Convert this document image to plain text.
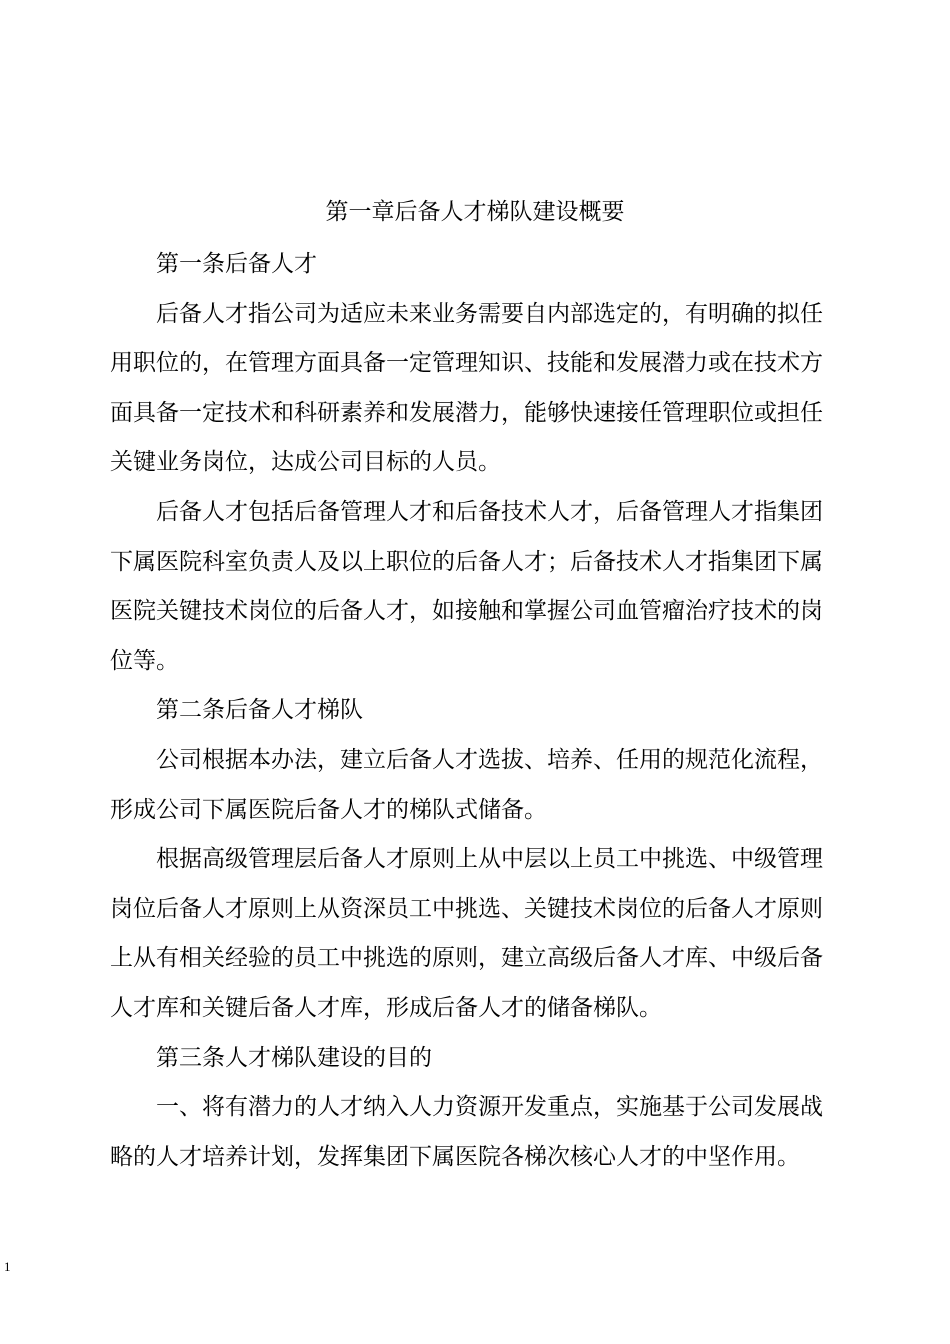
第一章后备人才梯队建设概要

第一条后备人才

后备人才指公司为适应未来业务需要自内部选定的，有明确的拟任
用职位的，在管理方面具备一定管理知识、技能和发展潜力或在技术方
面具备一定技术和科研素养和发展潜力，能够快速接任管理职位或担任
关键业务岗位，达成公司目标的人员。

后备人才包括后备管理人才和后备技术人才，后备管理人才指集团
下属医院科室负责人及以上职位的后备人才；后备技术人才指集团下属
医院关键技术岗位的后备人才，如接触和掌握公司血管瘤治疗技术的岗
位等。

第二条后备人才梯队

公司根据本办法，建立后备人才选拔、培养、任用的规范化流程，
形成公司下属医院后备人才的梯队式储备。

根据高级管理层后备人才原则上从中层以上员工中挑选、中级管理
岗位后备人才原则上从资深员工中挑选、关键技术岗位的后备人才原则
上从有相关经验的员工中挑选的原则，建立高级后备人才库、中级后备
人才库和关键后备人才库，形成后备人才的储备梯队。

第三条人才梯队建设的目的

一、将有潜力的人才纳入人力资源开发重点，实施基于公司发展战
略的人才培养计划，发挥集团下属医院各梯次核心人才的中坚作用。

1
